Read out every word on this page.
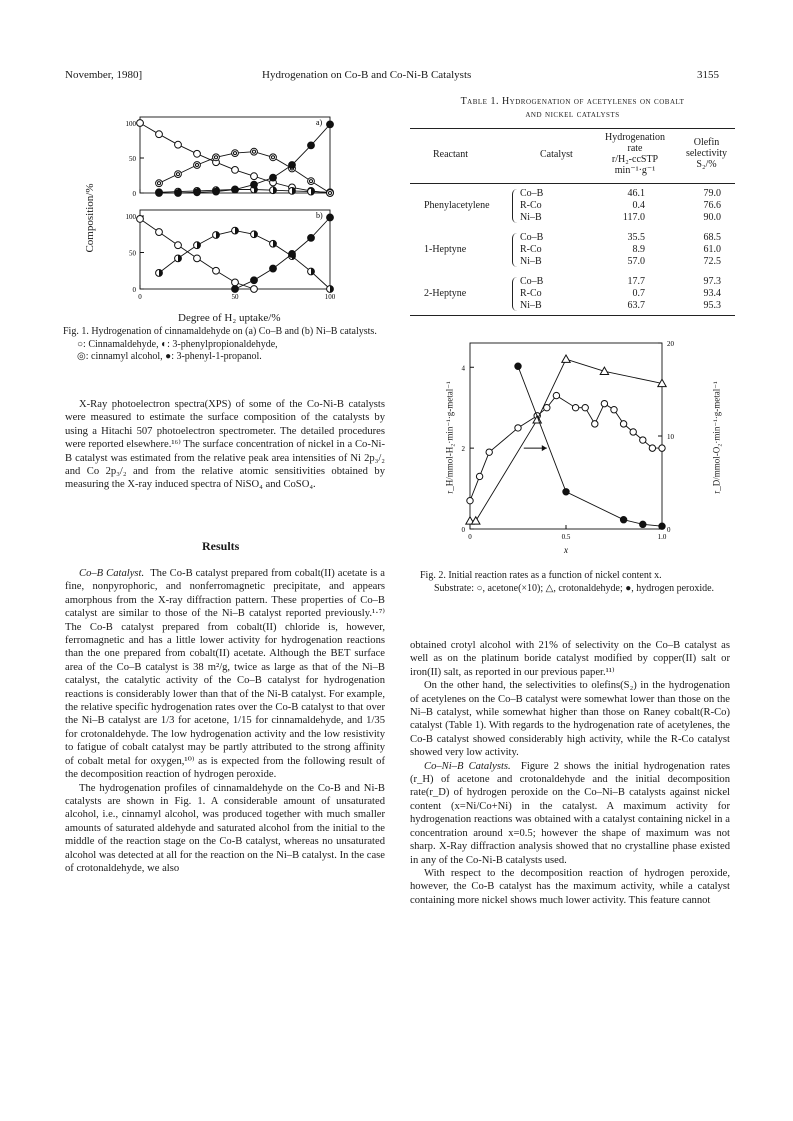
November, 1980]	Hydrogenation on Co-B and Co-Ni-B Catalysts	3155
100
50
0
a)
100
50
0
0	50	100
b)
Composition/%
Degree of H₂ uptake/%

Fig. 1. Hydrogenation of cinnamaldehyde on (a) Co–B and (b) Ni–B catalysts.

○: Cinnamaldehyde, ◐: 3-phenylpropionaldehyde,

◎: cinnamyl alcohol, ●: 3-phenyl-1-propanol.

Table 1. Hydrogenation of acetylenes on cobalt
and nickel catalysts
Reactant	Catalyst
Hydrogenation
rate
r/H₂-ccSTP
min⁻¹·g⁻¹
Olefin
selectivity
S₂/%
Phenylacetylene
Co–B	46.1	79.0
R-Co	0.4	76.6
Ni–B	117.0	90.0
1-Heptyne
Co–B	35.5	68.5
R-Co	8.9	61.0
Ni–B	57.0	72.5
2-Heptyne
Co–B	17.7	97.3
R-Co	0.7	93.4
Ni–B	63.7	95.3
4
2
0
20
10
0
0	0.5	1.0
x
r_H/mmol-H₂·min⁻¹·g-metal⁻¹	r_D/mmol-O₂·min⁻¹·g-metal⁻¹

Fig. 2. Initial reaction rates as a function of nickel content x.

Substrate: ○, acetone(×10); △, crotonaldehyde; ●, hydrogen peroxide.

X-Ray photoelectron spectra(XPS) of some of the Co-Ni-B catalysts were measured to estimate the surface composition of the catalysts by using a Hitachi 507 photoelectron spectrometer. The detailed procedures were reported elsewhere.¹⁶⁾ The surface concentration of nickel in a Co-Ni-B catalyst was estimated from the relative peak area intensities of Ni 2p₃/₂ and Co 2p₃/₂ and from the relative atomic sensitivities obtained by measuring the X-ray induced spectra of NiSO₄ and CoSO₄.

Results

Co–B Catalyst. The Co-B catalyst prepared from cobalt(II) acetate is a fine, nonpyrophoric, and nonferromagnetic precipitate, and appears amorphous from the X-ray diffraction pattern. These properties of Co–B catalyst are similar to those of the Ni–B catalyst reported previously.¹·⁷⁾ The Co-B catalyst prepared from cobalt(II) chloride is, however, ferromagnetic and has a little lower activity for hydrogenation reactions than the one prepared from cobalt(II) acetate. Although the BET surface area of the Co–B catalyst is 38 m²/g, twice as large as that of the Ni–B catalyst, the catalytic activity of the Co–B catalyst for hydrogenation reactions is considerably lower than that of the Ni-B catalyst. For example, the relative specific hydrogenation rates over the Co-B catalyst to that over the Ni–B catalyst are 1/3 for acetone, 1/15 for cinnamaldehyde, and 1/35 for crotonaldehyde. The low hydrogenation activity and the low resistivity to fatigue of cobalt catalyst may be partly attributed to the strong affinity of cobalt metal for oxygen,¹⁰⁾ as is expected from the following result of the decomposition reaction of hydrogen peroxide.

The hydrogenation profiles of cinnamaldehyde on the Co-B and Ni-B catalysts are shown in Fig. 1. A considerable amount of unsaturated alcohol, i.e., cinnamyl alcohol, was produced together with much smaller amounts of saturated aldehyde and saturated alcohol from the initial to the middle of the reaction stage on the Co-B catalyst, whereas no unsaturated alcohol was detected at all for the reaction on the Ni–B catalyst. In the case of crotonaldehyde, we also

obtained crotyl alcohol with 21% of selectivity on the Co–B catalyst as well as on the platinum boride catalyst modified by copper(II) salt or iron(II) salt, as reported in our previous paper.¹¹⁾

On the other hand, the selectivities to olefins(S₂) in the hydrogenation of acetylenes on the Co–B catalyst were somewhat lower than those on the Ni–B catalyst, while somewhat higher than those on Raney cobalt(R-Co) catalyst (Table 1). With regards to the hydrogenation rate of acetylenes, the Co-B catalyst showed considerably high activity, while the R-Co catalyst showed very low activity.

Co–Ni–B Catalysts. Figure 2 shows the initial hydrogenation rates (r_H) of acetone and crotonaldehyde and the initial decomposition rate(r_D) of hydrogen peroxide on the Co–Ni–B catalysts against nickel content (x=Ni/Co+Ni) in the catalyst. A maximum activity for hydrogenation reactions was obtained with a catalyst containing nickel in a concentration around x=0.5; however the shape of maximum was not sharp. X-Ray diffraction analysis showed that no crystalline phase existed in any of the Co-Ni-B catalysts used.

With respect to the decomposition reaction of hydrogen peroxide, however, the Co-B catalyst has the maximum activity, while a catalyst containing more nickel shows much lower activity. This feature cannot
